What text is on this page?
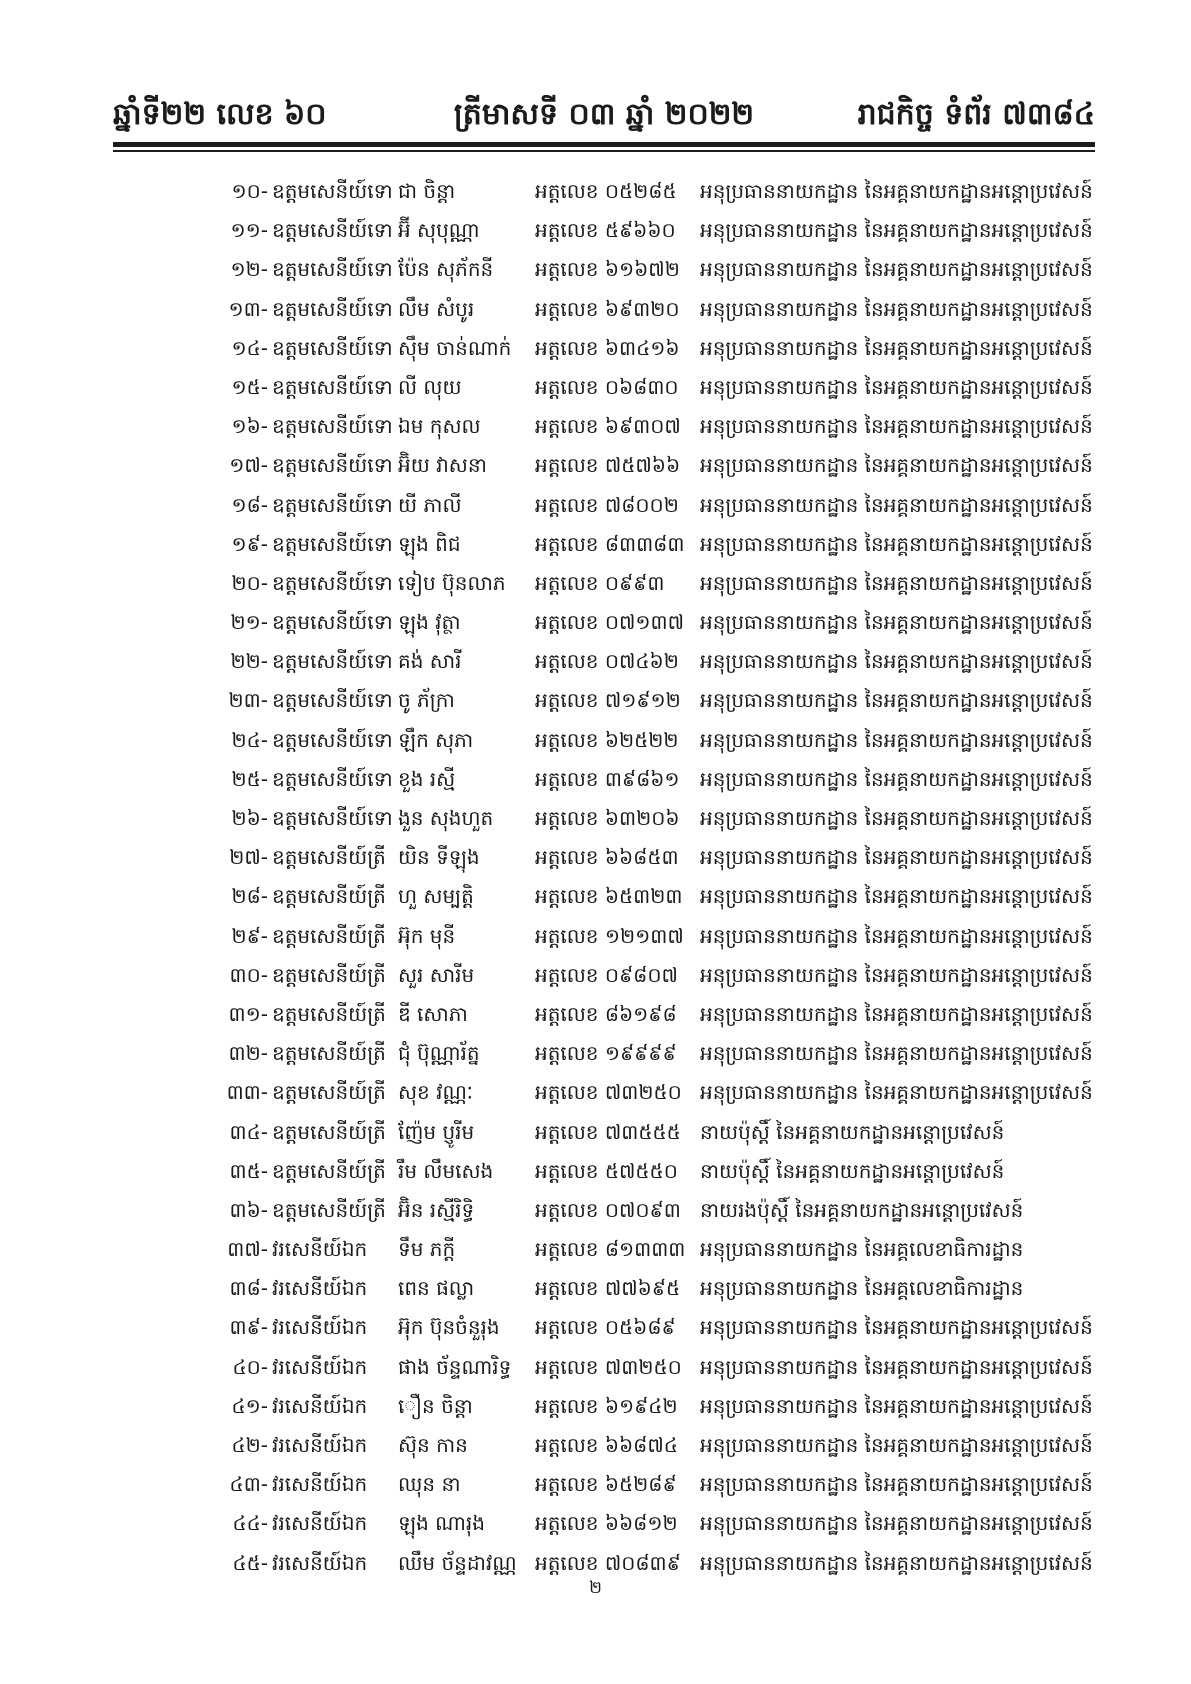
ឆ្នាំទី២២ លេខ ៦០	ត្រីមាសទី ០៣ ឆ្នាំ ២០២២	រាជកិច្ច ទំព័រ ៧៣៨៤
១០- ឧត្តមសេនីយ៍ទោ ជា ចិន្តា	អត្តលេខ ០៥២៨៥ អនុប្រធាននាយកដ្ឋាន នៃអគ្គនាយកដ្ឋានអន្តោប្រវេសន៍
១១- ឧត្តមសេនីយ៍ទោ អ៊ី សុបុណ្ណា	អត្តលេខ ៥៩៦៦០ អនុប្រធាននាយកដ្ឋាន នៃអគ្គនាយកដ្ឋានអន្តោប្រវេសន៍
១២- ឧត្តមសេនីយ៍ទោ ប៉ែន សុភ័កនី អត្តលេខ ៦១៦៧២ អនុប្រធាននាយកដ្ឋាន នៃអគ្គនាយកដ្ឋានអន្តោប្រវេសន៍
១៣- ឧត្តមសេនីយ៍ទោ លឹម សំបូរ	អត្តលេខ ៦៩៣២០ អនុប្រធាននាយកដ្ឋាន នៃអគ្គនាយកដ្ឋានអន្តោប្រវេសន៍
១៤- ឧត្តមសេនីយ៍ទោ ស៊ឹម ចាន់ណាក់ អត្តលេខ ៦៣៤១៦ អនុប្រធាននាយកដ្ឋាន នៃអគ្គនាយកដ្ឋានអន្តោប្រវេសន៍
១៥- ឧត្តមសេនីយ៍ទោ លី លុយ	អត្តលេខ ០៦៨៣០ អនុប្រធាននាយកដ្ឋាន នៃអគ្គនាយកដ្ឋានអន្តោប្រវេសន៍
១៦- ឧត្តមសេនីយ៍ទោ ឯម កុសល	អត្តលេខ ៦៩៣០៧ អនុប្រធាននាយកដ្ឋាន នៃអគ្គនាយកដ្ឋានអន្តោប្រវេសន៍
១៧- ឧត្តមសេនីយ៍ទោ អ៊ិយ វាសនា អត្តលេខ ៧៥៧៦៦ អនុប្រធាននាយកដ្ឋាន នៃអគ្គនាយកដ្ឋានអន្តោប្រវេសន៍
១៨- ឧត្តមសេនីយ៍ទោ យី ភាលី	អត្តលេខ ៧៨០០២ អនុប្រធាននាយកដ្ឋាន នៃអគ្គនាយកដ្ឋានអន្តោប្រវេសន៍
១៩- ឧត្តមសេនីយ៍ទោ ឡុង ពិជ	អត្តលេខ ៨៣៣៨៣ អនុប្រធាននាយកដ្ឋាន នៃអគ្គនាយកដ្ឋានអន្តោប្រវេសន៍
២០- ឧត្តមសេនីយ៍ទោ ទៀប ប៊ុនលាភ អត្តលេខ ០៩៩៣ អនុប្រធាននាយកដ្ឋាន នៃអគ្គនាយកដ្ឋានអន្តោប្រវេសន៍
២១- ឧត្តមសេនីយ៍ទោ ឡុង វុត្ថា	អត្តលេខ ០៧១៣៧ អនុប្រធាននាយកដ្ឋាន នៃអគ្គនាយកដ្ឋានអន្តោប្រវេសន៍
២២- ឧត្តមសេនីយ៍ទោ គង់ សារី	អត្តលេខ ០៧៤៦២ អនុប្រធាននាយកដ្ឋាន នៃអគ្គនាយកដ្ឋានអន្តោប្រវេសន៍
២៣- ឧត្តមសេនីយ៍ទោ ចូ ភ័ក្រា	អត្តលេខ ៧១៩១២ អនុប្រធាននាយកដ្ឋាន នៃអគ្គនាយកដ្ឋានអន្តោប្រវេសន៍
២៤- ឧត្តមសេនីយ៍ទោ ឡឹក សុភា	អត្តលេខ ៦២៥២២ អនុប្រធាននាយកដ្ឋាន នៃអគ្គនាយកដ្ឋានអន្តោប្រវេសន៍
២៥- ឧត្តមសេនីយ៍ទោ ខួង រស្មី	អត្តលេខ ៣៩៨៦១ អនុប្រធាននាយកដ្ឋាន នៃអគ្គនាយកដ្ឋានអន្តោប្រវេសន៍
២៦- ឧត្តមសេនីយ៍ទោ ងួន សុងហួត អត្តលេខ ៦៣២០៦ អនុប្រធាននាយកដ្ឋាន នៃអគ្គនាយកដ្ឋានអន្តោប្រវេសន៍
២៧- ឧត្តមសេនីយ៍ត្រី យិន ទីឡុង	អត្តលេខ ៦៦៨៥៣ អនុប្រធាននាយកដ្ឋាន នៃអគ្គនាយកដ្ឋានអន្តោប្រវេសន៍
២៨- ឧត្តមសេនីយ៍ត្រី ហួ សម្បត្តិ	អត្តលេខ ៦៥៣២៣ អនុប្រធាននាយកដ្ឋាន នៃអគ្គនាយកដ្ឋានអន្តោប្រវេសន៍
២៩- ឧត្តមសេនីយ៍ត្រី អ៊ុក មុនី	អត្តលេខ ១២១៣៧ អនុប្រធាននាយកដ្ឋាន នៃអគ្គនាយកដ្ឋានអន្តោប្រវេសន៍
៣០- ឧត្តមសេនីយ៍ត្រី សួរ សារីម	អត្តលេខ ០៩៨០៧ អនុប្រធាននាយកដ្ឋាន នៃអគ្គនាយកដ្ឋានអន្តោប្រវេសន៍
៣១- ឧត្តមសេនីយ៍ត្រី ឌី សោភា	អត្តលេខ ៨៦១៩៨ អនុប្រធាននាយកដ្ឋាន នៃអគ្គនាយកដ្ឋានអន្តោប្រវេសន៍
៣២- ឧត្តមសេនីយ៍ត្រី ជុំ ប៊ុណ្ណារ័ត្ន	អត្តលេខ ១៩៩៩៩ អនុប្រធាននាយកដ្ឋាន នៃអគ្គនាយកដ្ឋានអន្តោប្រវេសន៍
៣៣- ឧត្តមសេនីយ៍ត្រី សុខ វណ្ណៈ	អត្តលេខ ៧៣២៥០ អនុប្រធាននាយកដ្ឋាន នៃអគ្គនាយកដ្ឋានអន្តោប្រវេសន៍
៣៤- ឧត្តមសេនីយ៍ត្រី ញ៉ែម ប្ញូរីម	អត្តលេខ ៧៣៥៥៥ នាយប៉ុស្តិ៍ នៃអគ្គនាយកដ្ឋានអន្តោប្រវេសន៍
៣៥- ឧត្តមសេនីយ៍ត្រី រឹម លឹមសេង អត្តលេខ ៥៧៥៥០ នាយប៉ុស្តិ៍ នៃអគ្គនាយកដ្ឋានអន្តោប្រវេសន៍
៣៦- ឧត្តមសេនីយ៍ត្រី អ៊ិន រស្មីរិទ្ធិ	អត្តលេខ ០៧០៩៣ នាយរងប៉ុស្តិ៍ នៃអគ្គនាយកដ្ឋានអន្តោប្រវេសន៍
៣៧- វរសេនីយ៍ឯក ទឹម ភក្តី	អត្តលេខ ៨១៣៣៣ អនុប្រធាននាយកដ្ឋាន នៃអគ្គលេខាធិការដ្ឋាន
៣៨- វរសេនីយ៍ឯក ពេន ផល្លា	អត្តលេខ ៧៧៦៩៥ អនុប្រធាននាយកដ្ឋាន នៃអគ្គលេខាធិការដ្ឋាន
៣៩- វរសេនីយ៍ឯក អ៊ុក ប៊ុនចំនួរុង អត្តលេខ ០៥៦៨៩ អនុប្រធាននាយកដ្ឋាន នៃអគ្គនាយកដ្ឋានអន្តោប្រវេសន៍
៤០- វរសេនីយ៍ឯក ផាង ច័ន្ទណារិទ្ធ អត្តលេខ ៧៣២៥០ អនុប្រធាននាយកដ្ឋាន នៃអគ្គនាយកដ្ឋានអន្តោប្រវេសន៍
៤១- វរសេនីយ៍ឯក ឿន ចិន្តា	អត្តលេខ ៦១៩៤២ អនុប្រធាននាយកដ្ឋាន នៃអគ្គនាយកដ្ឋានអន្តោប្រវេសន៍
៤២- វរសេនីយ៍ឯក ស៊ុន កាន	អត្តលេខ ៦៦៨៧៤ អនុប្រធាននាយកដ្ឋាន នៃអគ្គនាយកដ្ឋានអន្តោប្រវេសន៍
៤៣- វរសេនីយ៍ឯក ឈុន នា	អត្តលេខ ៦៥២៨៩ អនុប្រធាននាយកដ្ឋាន នៃអគ្គនាយកដ្ឋានអន្តោប្រវេសន៍
៤៤- វរសេនីយ៍ឯក ឡុង ណារុង	អត្តលេខ ៦៦៨១២ អនុប្រធាននាយកដ្ឋាន នៃអគ្គនាយកដ្ឋានអន្តោប្រវេសន៍
៤៥- វរសេនីយ៍ឯក ឈឹម ច័ន្ទដាវណ្ណ អត្តលេខ ៧០៨៣៩ អនុប្រធាននាយកដ្ឋាន នៃអគ្គនាយកដ្ឋានអន្តោប្រវេសន៍
២
